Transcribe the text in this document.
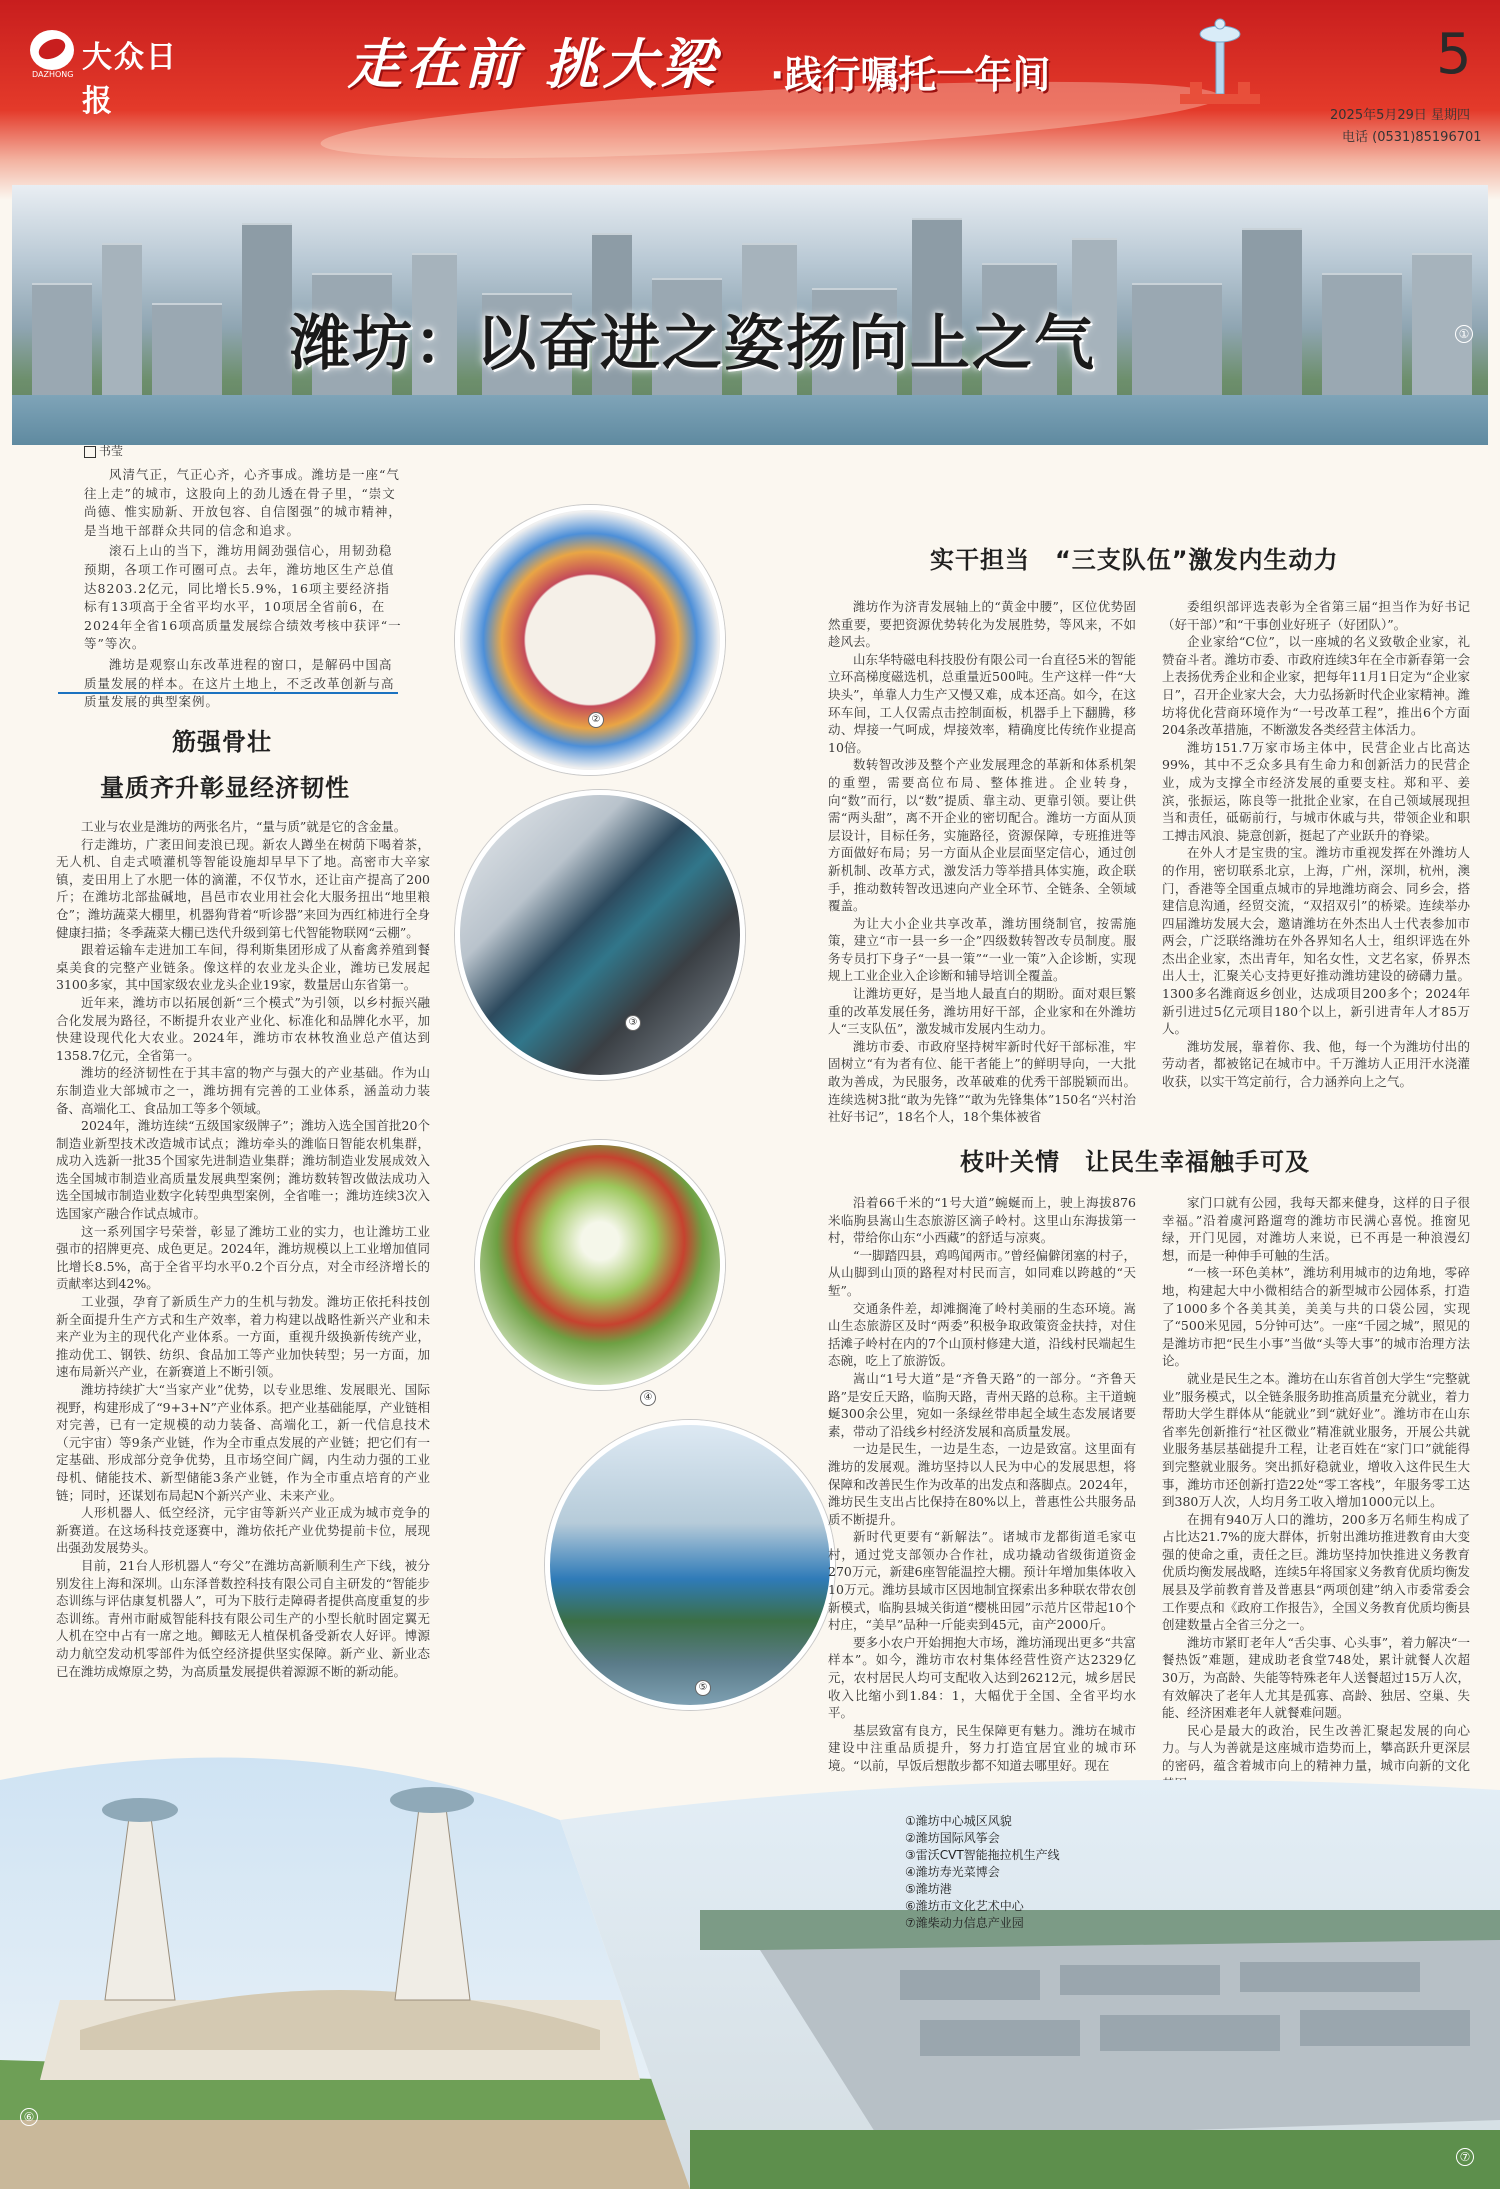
大众日报
DAZHONG	走在前 挑大梁 ·践行嘱托一年间	5
2025年5月29日 星期四
电话 (0531)85196701
①
潍坊：以奋进之姿扬向上之气
书莹

风清气正，气正心齐，心齐事成。潍坊是一座“气往上走”的城市，这股向上的劲儿透在骨子里，“崇文尚德、惟实励新、开放包容、自信图强”的城市精神，是当地干部群众共同的信念和追求。

滚石上山的当下，潍坊用阔劲强信心，用韧劲稳预期，各项工作可圈可点。去年，潍坊地区生产总值达8203.2亿元，同比增长5.9%，16项主要经济指标有13项高于全省平均水平，10项居全省前6，在2024年全省16项高质量发展综合绩效考核中获评“一等”等次。

潍坊是观察山东改革进程的窗口，是解码中国高质量发展的样本。在这片土地上，不乏改革创新与高质量发展的典型案例。

②
③
④
⑤
筋强骨壮
量质齐升彰显经济韧性

工业与农业是潍坊的两张名片，“量与质”就是它的含金量。

行走潍坊，广袤田间麦浪已现。新农人蹲坐在树荫下喝着茶，无人机、自走式喷灌机等智能设施却早早下了地。高密市大辛家镇，麦田用上了水肥一体的滴灌，不仅节水，还让亩产提高了200斤；在潍坊北部盐碱地，昌邑市农业用社会化大服务扭出“地里粮仓”；潍坊蔬菜大棚里，机器狗背着“听诊器”来回为西红柿进行全身健康扫描；冬季蔬菜大棚已迭代升级到第七代智能物联网“云棚”。

跟着运输车走进加工车间，得利斯集团形成了从畜禽养殖到餐桌美食的完整产业链条。像这样的农业龙头企业，潍坊已发展起3100多家，其中国家级农业龙头企业19家，数量居山东省第一。

近年来，潍坊市以拓展创新“三个模式”为引领，以乡村振兴融合化发展为路径，不断提升农业产业化、标准化和品牌化水平，加快建设现代化大农业。2024年，潍坊市农林牧渔业总产值达到1358.7亿元，全省第一。

潍坊的经济韧性在于其丰富的物产与强大的产业基础。作为山东制造业大部城市之一，潍坊拥有完善的工业体系，涵盖动力装备、高端化工、食品加工等多个领域。

2024年，潍坊连续“五级国家级牌子”；潍坊入选全国首批20个制造业新型技术改造城市试点；潍坊牵头的潍临日智能农机集群，成功入选新一批35个国家先进制造业集群；潍坊制造业发展成效入选全国城市制造业高质量发展典型案例；潍坊数转智改做法成功入选全国城市制造业数字化转型典型案例，全省唯一；潍坊连续3次入选国家产融合作试点城市。

这一系列国字号荣誉，彰显了潍坊工业的实力，也让潍坊工业强市的招牌更亮、成色更足。2024年，潍坊规模以上工业增加值同比增长8.5%，高于全省平均水平0.2个百分点，对全市经济增长的贡献率达到42%。

工业强，孕育了新质生产力的生机与勃发。潍坊正依托科技创新全面提升生产方式和生产效率，着力构建以战略性新兴产业和未来产业为主的现代化产业体系。一方面，重视升级换新传统产业，推动优工、钢铁、纺织、食品加工等产业加快转型；另一方面，加速布局新兴产业，在新赛道上不断引领。

潍坊持续扩大“当家产业”优势，以专业思维、发展眼光、国际视野，构建形成了“9+3+N”产业体系。把产业基础能厚，产业链相对完善，已有一定规模的动力装备、高端化工，新一代信息技术（元宇宙）等9条产业链，作为全市重点发展的产业链；把它们有一定基础、形成部分竞争优势，且市场空间广阔，内生动力强的工业母机、储能技术、新型储能3条产业链，作为全市重点培育的产业链；同时，还谋划布局起N个新兴产业、未来产业。

人形机器人、低空经济，元宇宙等新兴产业正成为城市竞争的新赛道。在这场科技竞逐赛中，潍坊依托产业优势提前卡位，展现出强劲发展势头。

目前，21台人形机器人“夸父”在潍坊高新顺利生产下线，被分别发往上海和深圳。山东泽普数控科技有限公司自主研发的“智能步态训练与评估康复机器人”，可为下肢行走障碍者提供高度重复的步态训练。青州市耐威智能科技有限公司生产的小型长航时固定翼无人机在空中占有一席之地。鲫眩无人植保机备受新农人好评。博源动力航空发动机零部件为低空经济提供坚实保障。新产业、新业态已在潍坊成燎原之势，为高质量发展提供着源源不断的新动能。

实干担当　“三支队伍”激发内生动力

潍坊作为济青发展轴上的“黄金中腰”，区位优势固然重要，要把资源优势转化为发展胜势，等风来，不如趁风去。

山东华特磁电科技股份有限公司一台直径5米的智能立环高梯度磁选机，总重量近500吨。生产这样一件“大块头”，单靠人力生产又慢又难，成本还高。如今，在这环车间，工人仅需点击控制面板，机器手上下翻腾，移动、焊接一气呵成，焊接效率，精确度比传统作业提高10倍。

数转智改涉及整个产业发展理念的革新和体系机架的重塑，需要高位布局、整体推进。企业转身，向“数”而行，以“数”提质、靠主动、更靠引领。要让供需“两头甜”，离不开企业的密切配合。潍坊一方面从顶层设计，目标任务，实施路径，资源保障，专班推进等方面做好布局；另一方面从企业层面坚定信心，通过创新机制、改革方式，激发活力等举措具体实施，政企联手，推动数转智改迅速向产业全环节、全链条、全领域覆盖。

为让大小企业共享改革，潍坊围绕制官，按需施策，建立“市一县一乡一企”四级数转智改专员制度。服务专员打下身子“一县一策”“一业一策”入企诊断，实现规上工业企业入企诊断和辅导培训全覆盖。

让潍坊更好，是当地人最直白的期盼。面对艰巨繁重的改革发展任务，潍坊用好干部，企业家和在外潍坊人“三支队伍”，激发城市发展内生动力。

潍坊市委、市政府坚持树牢新时代好干部标准，牢固树立“有为者有位、能干者能上”的鲜明导向，一大批敢为善成，为民服务，改革破难的优秀干部脱颖而出。连续选树3批“敢为先锋”“敢为先锋集体”150名“兴村治社好书记”，18名个人，18个集体被省

委组织部评选表彰为全省第三届“担当作为好书记（好干部）”和“干事创业好班子（好团队）”。

企业家给“C位”，以一座城的名义致敬企业家，礼赞奋斗者。潍坊市委、市政府连续3年在全市新春第一会上表扬优秀企业和企业家，把每年11月1日定为“企业家日”，召开企业家大会，大力弘扬新时代企业家精神。潍坊将优化营商环境作为“一号改革工程”，推出6个方面204条改革措施，不断激发各类经营主体活力。

潍坊151.7万家市场主体中，民营企业占比高达99%，其中不乏众多具有生命力和创新活力的民营企业，成为支撑全市经济发展的重要支柱。郑和平、姜滨，张振运，陈良等一批批企业家，在自己领域展现担当和责任，砥砺前行，与城市休戚与共，带领企业和职工搏击风浪、毙意创新，挺起了产业跃升的脊梁。

在外人才是宝贵的宝。潍坊市重视发挥在外潍坊人的作用，密切联系北京，上海，广州，深圳，杭州，澳门，香港等全国重点城市的异地潍坊商会、同乡会，搭建信息沟通，经贸交流，“双招双引”的桥梁。连续举办四届潍坊发展大会，邀请潍坊在外杰出人士代表参加市两会，广泛联络潍坊在外各界知名人士，组织评选在外杰出企业家，杰出青年，知名女性，文艺名家，侨界杰出人士，汇聚关心支持更好推动潍坊建设的磅礴力量。1300多名潍商返乡创业，达成项目200多个；2024年新引进过5亿元项目180个以上，新引进青年人才85万人。

潍坊发展，靠着你、我、他，每一个为潍坊付出的劳动者，都被铭记在城市中。千万潍坊人正用汗水浇灌收获，以实干笃定前行，合力涵养向上之气。

枝叶关情　让民生幸福触手可及

沿着66千米的“1号大道”蜿蜒而上，驶上海拔876米临朐县嵩山生态旅游区滴子岭村。这里山东海拔第一村，带给你山东“小西藏”的舒适与凉爽。

“一脚踏四县，鸡鸣闻两市。”曾经偏僻闭塞的村子，从山脚到山顶的路程对村民而言，如同难以跨越的“天堑”。

交通条件差，却滩搁淹了岭村美丽的生态环境。嵩山生态旅游区及时“两委”积极争取政策资金扶持，对住括滩子岭村在内的7个山顶村修建大道，沿线村民端起生态碗，吃上了旅游饭。

嵩山“1号大道”是“齐鲁天路”的一部分。“齐鲁天路”是安丘天路，临朐天路，青州天路的总称。主干道蜿蜒300余公里，宛如一条绿丝带串起全域生态发展诸要素，带动了沿线乡村经济发展和高质量发展。

一边是民生，一边是生态，一边是致富。这里面有潍坊的发展观。潍坊坚持以人民为中心的发展思想，将保障和改善民生作为改革的出发点和落脚点。2024年，潍坊民生支出占比保持在80%以上，普惠性公共服务品质不断提升。

新时代更要有“新解法”。诸城市龙都街道毛家屯村，通过党支部领办合作社，成功撬动省级街道资金270万元，新建6座智能温控大棚。预计年增加集体收入10万元。潍坊县域市区因地制宜探索出多种联农带农创新模式，临朐县城关街道“樱桃田园”示范片区带起10个村庄，“美早”品种一斤能卖到45元，亩产2000斤。

要多小农户开始拥抱大市场，潍坊涌现出更多“共富样本”。如今，潍坊市农村集体经营性资产达2329亿元，农村居民人均可支配收入达到26212元，城乡居民收入比缩小到1.84：1，大幅优于全国、全省平均水平。

基层致富有良方，民生保障更有魅力。潍坊在城市建设中注重品质提升，努力打造宜居宜业的城市环境。“以前，早饭后想散步都不知道去哪里好。现在

家门口就有公园，我每天都来健身，这样的日子很幸福。”沿着虞河路遛弯的潍坊市民满心喜悦。推窗见绿，开门见园，对潍坊人来说，已不再是一种浪漫幻想，而是一种伸手可触的生活。

“一核一环色美林”，潍坊利用城市的边角地，零碎地，构建起大中小微相结合的新型城市公园体系，打造了1000多个各美其美，美美与共的口袋公园，实现了“500米见园，5分钟可达”。一座“千园之城”，照见的是潍坊市把“民生小事”当做“头等大事”的城市治理方法论。

就业是民生之本。潍坊在山东省首创大学生“完整就业”服务模式，以全链条服务助推高质量充分就业，着力帮助大学生群体从“能就业”到“就好业”。潍坊市在山东省率先创新推行“社区微业”精准就业服务，开展公共就业服务基层基础提升工程，让老百姓在“家门口”就能得到完整就业服务。突出抓好稳就业，增收入这件民生大事，潍坊市还创新打造22处“零工客栈”，年服务零工达到380万人次，人均月务工收入增加1000元以上。

在拥有940万人口的潍坊，200多万名师生构成了占比达21.7%的庞大群体，折射出潍坊推进教育由大变强的使命之重，责任之巨。潍坊坚持加快推进义务教育优质均衡发展战略，连续5年将国家义务教育优质均衡发展县及学前教育普及普惠县“两项创建”纳入市委常委会工作要点和《政府工作报告》，全国义务教育优质均衡县创建数量占全省三分之一。

潍坊市紧盯老年人“舌尖事、心头事”，着力解决“一餐热饭”难题，建成助老食堂748处，累计就餐人次超30万，为高龄、失能等特殊老年人送餐超过15万人次，有效解决了老年人尤其是孤寡、高龄、独居、空巢、失能、经济困难老年人就餐难问题。

民心是最大的政治，民生改善汇聚起发展的向心力。与人为善就是这座城市造势而上，攀高跃升更深层的密码，蕴含着城市向上的精神力量，城市向新的文化

⑥
⑦
①潍坊中心城区风貌
②潍坊国际风筝会
③雷沃CVT智能拖拉机生产线
④潍坊寿光菜博会
⑤潍坊港
⑥潍坊市文化艺术中心
⑦潍柴动力信息产业园
